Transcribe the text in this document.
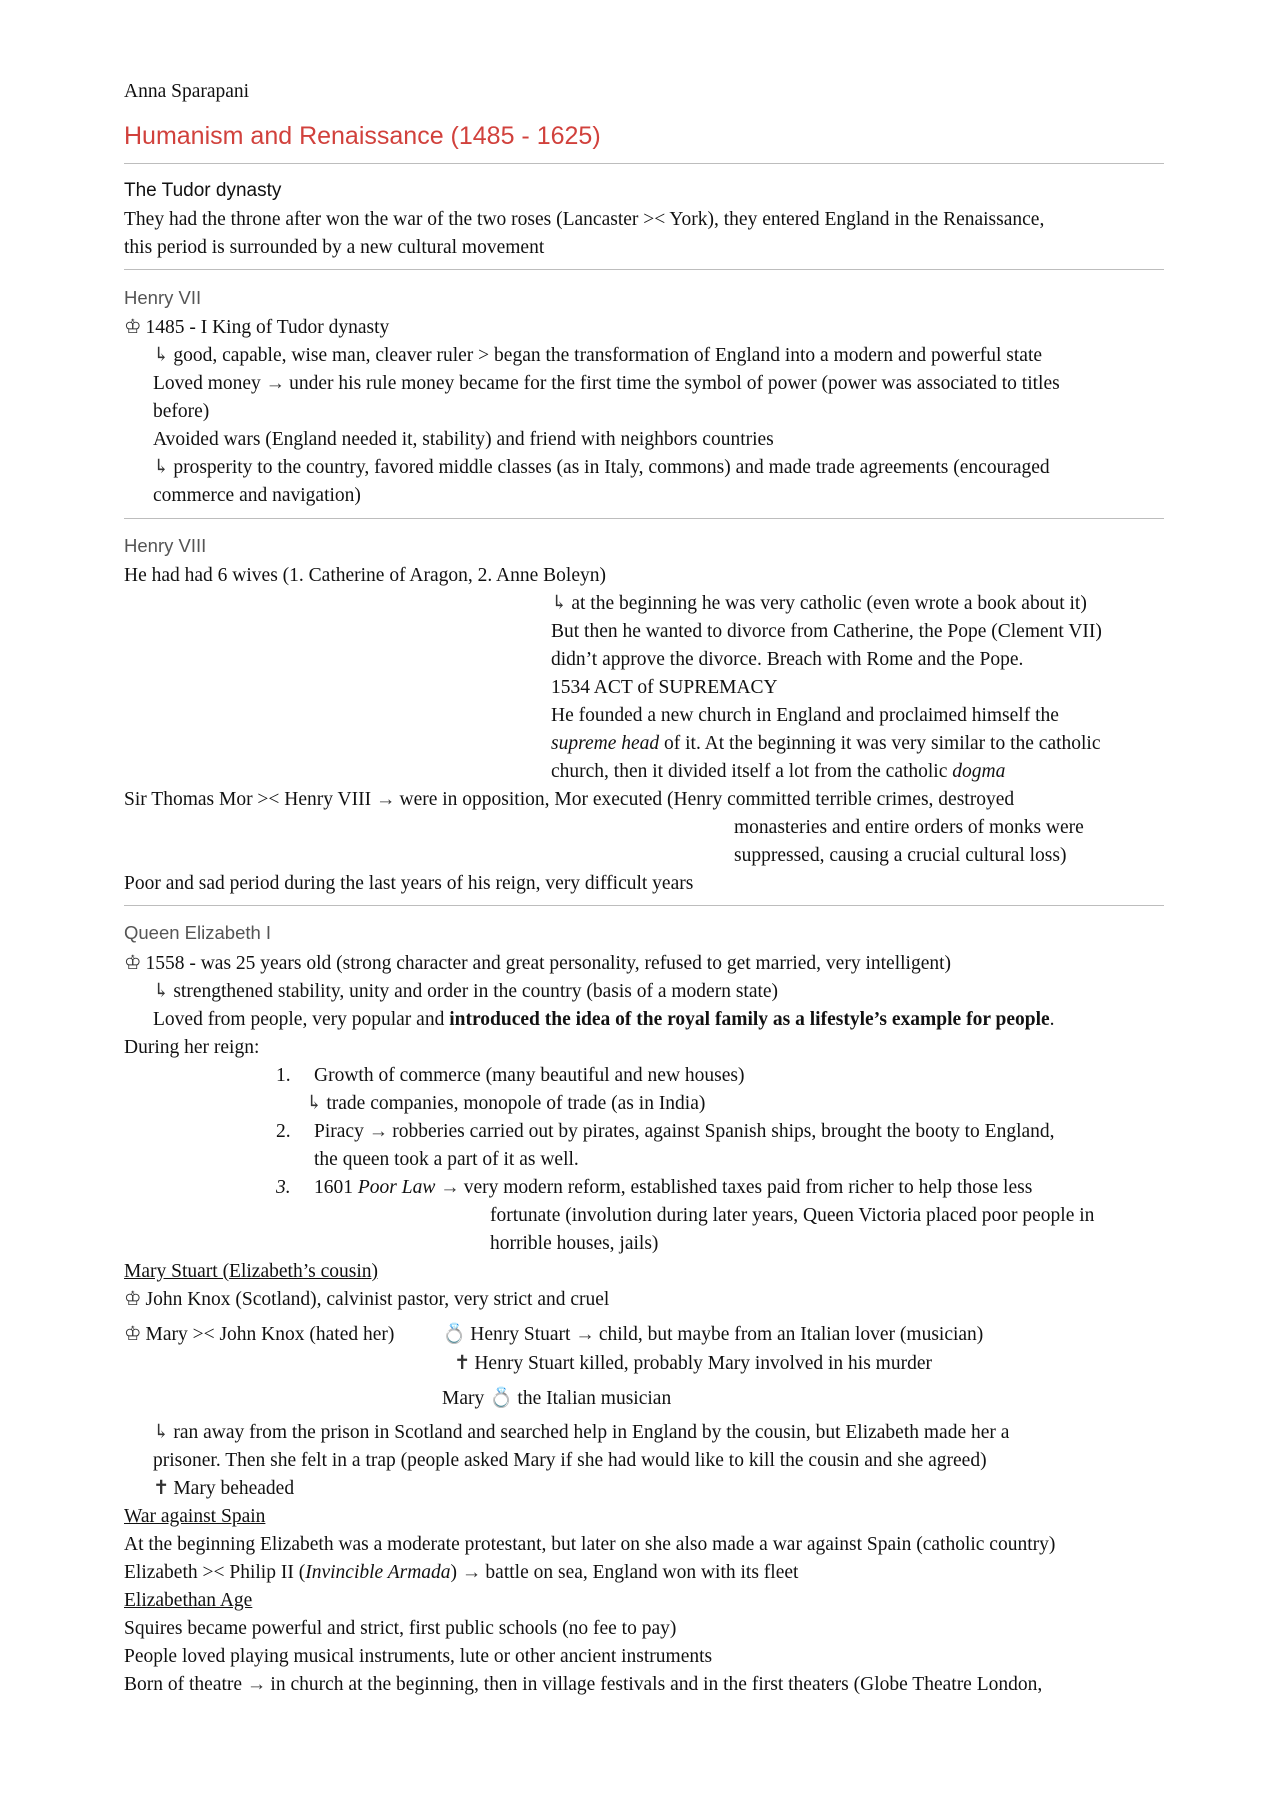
Anna Sparapani
Humanism and Renaissance (1485 - 1625)
The Tudor dynasty
They had the throne after won the war of the two roses (Lancaster >< York), they entered England in the Renaissance,
this period is surrounded by a new cultural movement
Henry VII
♔ 1485 - I King of Tudor dynasty
↳ good, capable, wise man, cleaver ruler > began the transformation of England into a modern and powerful state
Loved money → under his rule money became for the first time the symbol of power (power was associated to titles
before)
Avoided wars (England needed it, stability) and friend with neighbors countries
↳ prosperity to the country, favored middle classes (as in Italy, commons) and made trade agreements (encouraged
commerce and navigation)
Henry VIII
He had had 6 wives (1. Catherine of Aragon, 2. Anne Boleyn)
↳ at the beginning he was very catholic (even wrote a book about it)
But then he wanted to divorce from Catherine, the Pope (Clement VII)
didn’t approve the divorce. Breach with Rome and the Pope.
1534 ACT of SUPREMACY
He founded a new church in England and proclaimed himself the
supreme head of it. At the beginning it was very similar to the catholic
church, then it divided itself a lot from the catholic dogma
Sir Thomas Mor >< Henry VIII → were in opposition, Mor executed (Henry committed terrible crimes, destroyed
monasteries and entire orders of monks were
suppressed, causing a crucial cultural loss)
Poor and sad period during the last years of his reign, very difficult years
Queen Elizabeth I
♔ 1558 - was 25 years old (strong character and great personality, refused to get married, very intelligent)
↳ strengthened stability, unity and order in the country (basis of a modern state)
Loved from people, very popular and introduced the idea of the royal family as a lifestyle’s example for people.
During her reign:
1. Growth of commerce (many beautiful and new houses)
↳ trade companies, monopole of trade (as in India)
2. Piracy → robberies carried out by pirates, against Spanish ships, brought the booty to England,
the queen took a part of it as well.
3. 1601 Poor Law → very modern reform, established taxes paid from richer to help those less
fortunate (involution during later years, Queen Victoria placed poor people in
horrible houses, jails)
Mary Stuart (Elizabeth’s cousin)
♔ John Knox (Scotland), calvinist pastor, very strict and cruel
♔ Mary >< John Knox (hated her) 💍 Henry Stuart → child, but maybe from an Italian lover (musician)
✝ Henry Stuart killed, probably Mary involved in his murder
Mary 💍 the Italian musician
↳ ran away from the prison in Scotland and searched help in England by the cousin, but Elizabeth made her a
prisoner. Then she felt in a trap (people asked Mary if she had would like to kill the cousin and she agreed)
✝ Mary beheaded
War against Spain
At the beginning Elizabeth was a moderate protestant, but later on she also made a war against Spain (catholic country)
Elizabeth >< Philip II (Invincible Armada) → battle on sea, England won with its fleet
Elizabethan Age
Squires became powerful and strict, first public schools (no fee to pay)
People loved playing musical instruments, lute or other ancient instruments
Born of theatre → in church at the beginning, then in village festivals and in the first theaters (Globe Theatre London,
